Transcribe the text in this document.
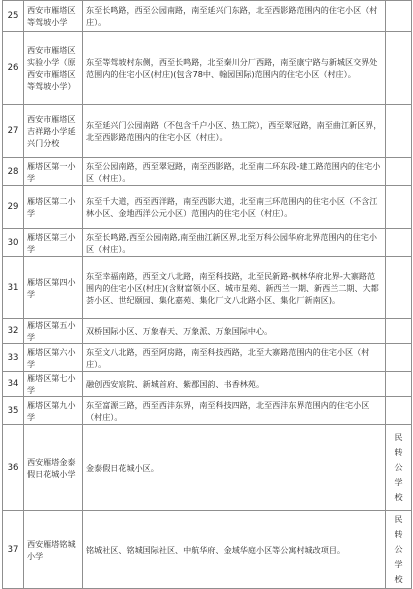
25	西安市雁塔区等驾坡小学	东至长鸣路，西至公园南路，南至延兴门东路，北至西影路范围内的住宅小区（村庄）。	

26	西安市雁塔区实验小学（原西安市雁塔区等驾坡小学）	东至等驾坡村东侧，西至长鸣路，北至秦川分厂西路，南至康宁路与新城区交界处范围内的住宅小区(村庄)(包含78中、翰园国际)范围内的住宅小区（村庄）。	

27	西安市雁塔区吉祥路小学延兴门分校	东至延兴门公园南路（不包含千户小区、热工院），西至翠冠路，南至曲江新区界，北至西影路范围内的住宅小区（村庄）。	

28	雁塔区第一小学	东至公园南路，西至翠冠路，南至西影路，北至南二环东段-建工路范围内的住宅小区（村庄）。	

29	雁塔区第二小学	东至千大道，西至西洋路，南至西影大道，北至南三环范围内的住宅小区（不含江林小区、金地西洋公元小区）范围内的住宅小区（村庄）。	

30	雁塔区第三小学	东至长鸣路,西至公园南路,南至曲江新区界,北至万科公园华府北界范围内的住宅小区（村庄）。	

31	雁塔区第四小学	东至幸福南路，西至文八北路，南至科技路，北至民新路-枫林华府北界-大寨路范围内的住宅小区(村庄)(含财富领小区、城市星苑、新西兰一期、新西兰二期、大都荟小区、世纪颐园、集化嘉苑、集化厂文八北路小区、集化厂新南区)。	

32	雁塔区第五小学	双桥国际小区、万象春天、万象派、万象国际中心。	

33	雁塔区第六小学	东至文八北路，西至阿房路，南至科技西路，北至大寨路范围内的住宅小区（村庄）。	

34	雁塔区第七小学	融创西安宸院、新城首府、紫郡国韵、书香林苑。	

35	雁塔区第九小学	东至富源三路，西至西沣东界，南至科技四路，北至西沣东界范围内的住宅小区（村庄）。	

36	西安雁塔金泰假日花城小学	金泰假日花城小区。	民转公学校

37	西安雁塔铭城小学	铭城社区、铭城国际社区、中航华府、金域华庭小区等公寓村城改项目。	民转公学校
